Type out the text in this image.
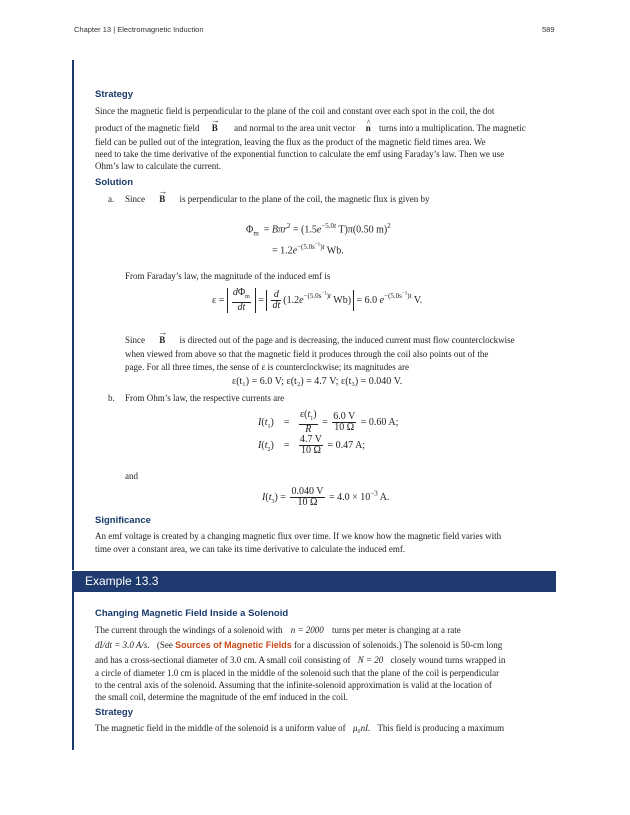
Chapter 13 | Electromagnetic Induction	589
Strategy
Since the magnetic field is perpendicular to the plane of the coil and constant over each spot in the coil, the dot
product of the magnetic field → B and normal to the area unit vector ^ n turns into a multiplication. The magnetic
field can be pulled out of the integration, leaving the flux as the product of the magnetic field times area. We
need to take the time derivative of the exponential function to calculate the emf using Faraday’s law. Then we use
Ohm’s law to calculate the current.
Solution
a. Since → B is perpendicular to the plane of the coil, the magnetic flux is given by
$\Phi_m = B\pi r^2 = (1.5e^{-5.0t}$ T)π(0.50 m)$^2$
= $1.2e^{-(5.0s^{-1})t}$ Wb.
From Faraday’s law, the magnitude of the induced emf is
$\varepsilon = \frac{d\Phi_m}{dt} = \frac{d}{dt} (1.2e^{-(5.0s^{-1})t}$ Wb) = 6.0 $e^{-(5.0s^{-1})t}$ V.
Since → B is directed out of the page and is decreasing, the induced current must flow counterclockwise
when viewed from above so that the magnetic field it produces through the coil also points out of the
page. For all three times, the sense of ε is counterclockwise; its magnitudes are
ε(t₁) = 6.0 V; ε(t₂) = 4.7 V; ε(t₃) = 0.040 V.
b. From Ohm’s law, the respective currents are
$I(t_1)$    = $\frac{\varepsilon(t_1)}{R} = \frac{6.0 V}{10 \Omega} = 0.60$ A;
$I(t_2)$    = $\frac{4.7 V}{10 \Omega} = 0.47$ A;
and
$I(t_3) = \frac{0.040 V}{10 \Omega} = 4.0 \times 10^{-3}$ A.
Significance
An emf voltage is created by a changing magnetic flux over time. If we know how the magnetic field varies with
time over a constant area, we can take its time derivative to calculate the induced emf.
Example 13.3
Changing Magnetic Field Inside a Solenoid
The current through the windings of a solenoid with n = 2000 turns per meter is changing at a rate
dI/dt = 3.0 A/s. (See Sources of Magnetic Fields for a discussion of solenoids.) The solenoid is 50-cm long
and has a cross-sectional diameter of 3.0 cm. A small coil consisting of N = 20 closely wound turns wrapped in
a circle of diameter 1.0 cm is placed in the middle of the solenoid such that the plane of the coil is perpendicular
to the central axis of the solenoid. Assuming that the infinite-solenoid approximation is valid at the location of
the small coil, determine the magnitude of the emf induced in the coil.
Strategy
The magnetic field in the middle of the solenoid is a uniform value of μ₀nI. This field is producing a maximum
